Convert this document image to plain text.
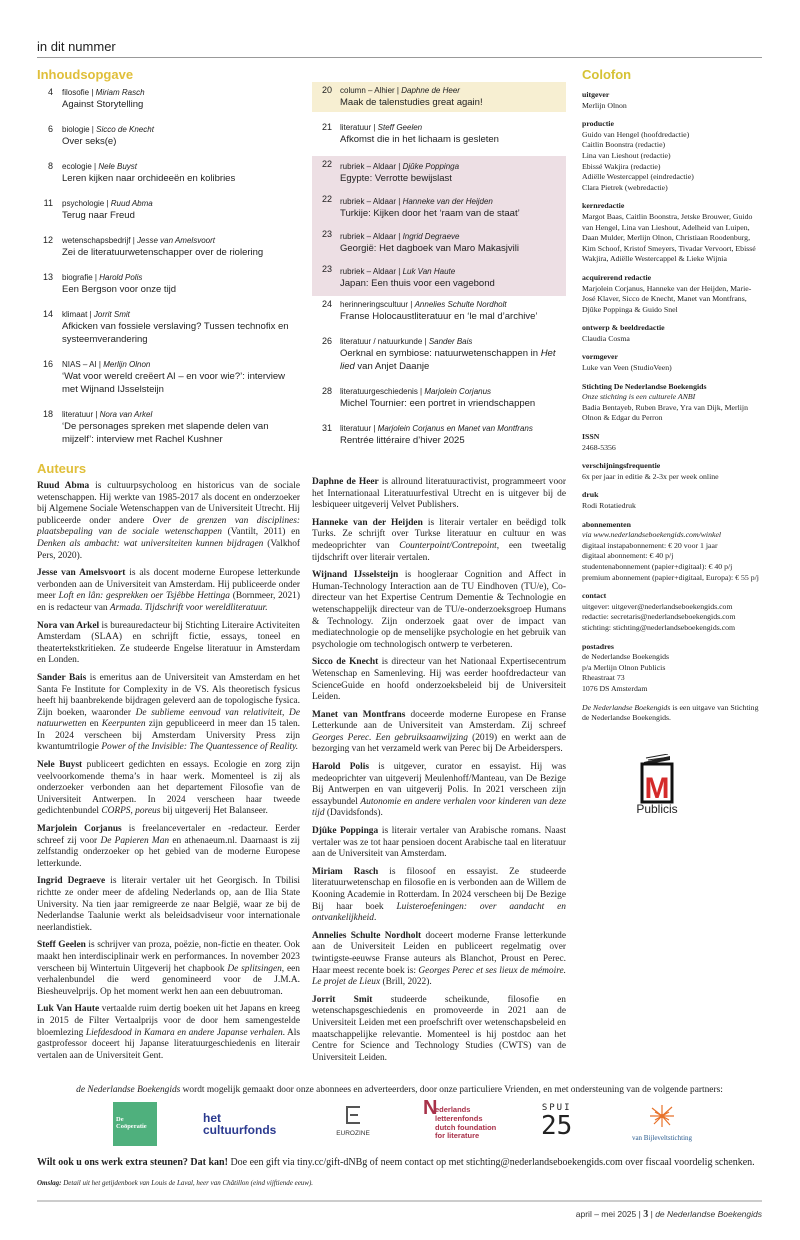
in dit nummer
Inhoudsopgave
4 filosofie | Miriam Rasch
Against Storytelling
6 biologie | Sicco de Knecht
Over seks(e)
8 ecologie | Nele Buyst
Leren kijken naar orchideeën en kolibries
11 psychologie | Ruud Abma
Terug naar Freud
12 wetenschapsbedrijf | Jesse van Amelsvoort
Zei de literatuurwetenschapper over de riolering
13 biografie | Harold Polis
Een Bergson voor onze tijd
14 klimaat | Jorrit Smit
Afkicken van fossiele verslaving? Tussen technofix en systeemverandering
16 NIAS – AI | Merlijn Olnon
‘Wat voor wereld creëert AI – en voor wie?’: interview met Wijnand IJsselsteijn
18 literatuur | Nora van Arkel
‘De personages spreken met slapende delen van mijzelf’: interview met Rachel Kushner
20 column – Alhier | Daphne de Heer
Maak de talenstudies great again!
21 literatuur | Steff Geelen
Afkomst die in het lichaam is gesleten
22 rubriek – Aldaar | Djûke Poppinga
Egypte: Verrotte bewijslast
22 rubriek – Aldaar | Hanneke van der Heijden
Turkije: Kijken door het ‘raam van de staat’
23 rubriek – Aldaar | Ingrid Degraeve
Georgië: Het dagboek van Maro Makasjvili
23 rubriek – Aldaar | Luk Van Haute
Japan: Een thuis voor een vagebond
24 herinneringscultuur | Annelies Schulte Nordholt
Franse Holocaustliteratuur en ‘le mal d’archive’
26 literatuur / natuurkunde | Sander Bais
Oerknal en symbiose: natuurwetenschappen in Het lied van Anjet Daanje
28 literatuurgeschiedenis | Marjolein Corjanus
Michel Tournier: een portret in vriendschappen
31 literatuur | Marjolein Corjanus en Manet van Montfrans
Rentrée littéraire d’hiver 2025
Auteurs

Ruud Abma is cultuurpsycholoog en historicus van de sociale wetenschappen. Hij werkte van 1985-2017 als docent en onderzoeker bij Algemene Sociale Wetenschappen van de Universiteit Utrecht. Hij publiceerde onder andere Over de grenzen van disciplines: plaatsbepaling van de sociale wetenschappen (Vantilt, 2011) en Denken als ambacht: wat universiteiten kunnen bijdragen (Valkhof Pers, 2020).

Jesse van Amelsvoort is als docent moderne Europese letterkunde verbonden aan de Universiteit van Amsterdam. Hij publiceerde onder meer Loft en lân: gesprekken oer Tsjêbbe Hettinga (Bornmeer, 2021) en is redacteur van Armada. Tijdschrift voor wereldliteratuur.

Nora van Arkel is bureauredacteur bij Stichting Literaire Activiteiten Amsterdam (SLAA) en schrijft fictie, essays, toneel en theatertekstkritieken. Ze studeerde Engelse literatuur in Amsterdam en Londen.

Sander Bais is emeritus aan de Universiteit van Amsterdam en het Santa Fe Institute for Complexity in de VS. Als theoretisch fysicus heeft hij baanbrekende bijdragen geleverd aan de topologische fysica. Zijn boeken, waaronder De sublieme eenvoud van relativiteit, De natuurwetten en Keerpunten zijn gepubliceerd in meer dan 15 talen. In 2024 verscheen bij Amsterdam University Press zijn kwantumtrilogie Power of the Invisible: The Quantessence of Reality.

Nele Buyst publiceert gedichten en essays. Ecologie en zorg zijn veelvoorkomende thema’s in haar werk. Momenteel is zij als onderzoeker verbonden aan het departement Filosofie van de Universiteit Antwerpen. In 2024 verscheen haar tweede gedichtenbundel CORPS, poreus bij uitgeverij Het Balanseer.

Marjolein Corjanus is freelancevertaler en -redacteur. Eerder schreef zij voor De Papieren Man en athenaeum.nl. Daarnaast is zij zelfstandig onderzoeker op het gebied van de moderne Europese letterkunde.

Ingrid Degraeve is literair vertaler uit het Georgisch. In Tbilisi richtte ze onder meer de afdeling Nederlands op, aan de Ilia State University. Na tien jaar remigreerde ze naar België, waar ze bij de Nederlandse Taalunie werkt als beleidsadviseur voor internationale neerlandistiek.

Steff Geelen is schrijver van proza, poëzie, non-fictie en theater. Ook maakt hen interdisciplinair werk en performances. In november 2023 verscheen bij Wintertuin Uitgeverij het chapbook De splitsingen, een verhalenbundel die werd genomineerd voor de J.M.A. Biesheuvelprijs. Op het moment werkt hen aan een debuutroman.

Luk Van Haute vertaalde ruim dertig boeken uit het Japans en kreeg in 2015 de Filter Vertaalprijs voor de door hem samengestelde bloemlezing Liefdesdood in Kamara en andere Japanse verhalen. Als gastprofessor doceert hij Japanse literatuurgeschiedenis en literair vertalen aan de Universiteit Gent.

Daphne de Heer is allround literatuuractivist, programmeert voor het Internationaal Literatuurfestival Utrecht en is uitgever bij de lesbiqueer uitgeverij Velvet Publishers.

Hanneke van der Heijden is literair vertaler en beëdigd tolk Turks. Ze schrijft over Turkse literatuur en cultuur en was medeoprichter van Counterpoint/Contrepoint, een tweetalig tijdschrift over literair vertalen.

Wijnand IJsselsteijn is hoogleraar Cognition and Affect in Human-Technology Interaction aan de TU Eindhoven (TU/e), Co-directeur van het Expertise Centrum Dementie & Technologie en wetenschappelijk directeur van de TU/e-onderzoeksgroep Humans & Technology. Zijn onderzoek gaat over de impact van mediatechnologie op de menselijke psychologie en het gebruik van psychologie om technologisch ontwerp te verbeteren.

Sicco de Knecht is directeur van het Nationaal Expertisecentrum Wetenschap en Samenleving. Hij was eerder hoofdredacteur van ScienceGuide en hoofd onderzoeksbeleid bij de Universiteit Leiden.

Manet van Montfrans doceerde moderne Europese en Franse Letterkunde aan de Universiteit van Amsterdam. Zij schreef Georges Perec. Een gebruiksaanwijzing (2019) en werkt aan de bezorging van het verzameld werk van Perec bij De Arbeiderspers.

Harold Polis is uitgever, curator en essayist. Hij was medeoprichter van uitgeverij Meulenhoff/Manteau, van De Bezige Bij Antwerpen en van uitgeverij Polis. In 2021 verscheen zijn essaybundel Autonomie en andere verhalen voor kinderen van deze tijd (Davidsfonds).

Djûke Poppinga is literair vertaler van Arabische romans. Naast vertaler was ze tot haar pensioen docent Arabische taal en literatuur aan de Universiteit van Amsterdam.

Miriam Rasch is filosoof en essayist. Ze studeerde literatuurwetenschap en filosofie en is verbonden aan de Willem de Kooning Academie in Rotterdam. In 2024 verscheen bij De Bezige Bij haar boek Luisteroefeningen: over aandacht en ontvankelijkheid.

Annelies Schulte Nordholt doceert moderne Franse letterkunde aan de Universiteit Leiden en publiceert regelmatig over twintigste-eeuwse Franse auteurs als Blanchot, Proust en Perec. Haar meest recente boek is: Georges Perec et ses lieux de mémoire. Le projet de Lieux (Brill, 2022).

Jorrit Smit studeerde scheikunde, filosofie en wetenschapsgeschiedenis en promoveerde in 2021 aan de Universiteit Leiden met een proefschrift over wetenschapsbeleid en maatschappelijke relevantie. Momenteel is hij postdoc aan het Centre for Science and Technology Studies (CWTS) van de Universiteit Leiden.

Colofon
uitgever
Merlijn Olnon
productie
Guido van Hengel (hoofdredactie)
Caitlin Boonstra (redactie)
Lina van Lieshout (redactie)
Ebissé Wakjira (redactie)
Adiëlle Westercappel (eindredactie)
Clara Pietrek (webredactie)
kernredactie
Margot Baas, Caitlin Boonstra, Jetske Brouwer, Guido van Hengel, Lina van Lieshout, Adelheid van Luipen, Daan Mulder, Merlijn Olnon, Christiaan Roodenburg, Kim Schoof, Kristof Smeyers, Tivadar Vervoort, Ebissé Wakjira, Adiëlle Westercappel & Lieke Wijnia
acquirerend redactie
Marjolein Corjanus, Hanneke van der Heijden, Marie-José Klaver, Sicco de Knecht, Manet van Montfrans, Djûke Poppinga & Guido Snel
ontwerp & beeldredactie
Claudia Cosma
vormgever
Luke van Veen (StudioVeen)
Stichting De Nederlandse Boekengids
Onze stichting is een culturele ANBI
Badia Bentayeb, Ruben Brave, Yra van Dijk, Merlijn Olnon & Edgar du Perron
ISSN
2468-5356
verschijningsfrequentie
6x per jaar in editie & 2-3x per week online
druk
Rodi Rotatiedruk
abonnementen
via www.nederlandseboekengids.com/winkel
digitaal instapabonnement: € 20 voor 1 jaar
digitaal abonnement: € 40 p/j
studentenabonnement (papier+digitaal): € 40 p/j
premium abonnement (papier+digitaal, Europa): € 55 p/j
contact
uitgever: uitgever@nederlandseboekengids.com
redactie: secretaris@nederlandseboekengids.com
stichting: stichting@nederlandseboekengids.com
postadres
de Nederlandse Boekengids
p/a Merlijn Olnon Publicis
Rheastraat 73
1076 DS Amsterdam
De Nederlandse Boekengids is een uitgave van Stichting de Nederlandse Boekengids.
M
Publicis
de Nederlandse Boekengids wordt mogelijk gemaakt door onze abonnees en adverteerders, door onze particuliere Vrienden, en met ondersteuning van de volgende partners:
De Coöperatie
het
cultuurfonds	EUROZINE
N
ederlands
letterenfonds
dutch foundation
for literature
SPUI
25	van Bijleveltstichting
Wilt ook u ons werk extra steunen? Dat kan! Doe een gift via tiny.cc/gift-dNBg of neem contact op met stichting@nederlandseboekengids.com over fiscaal voordelig schenken.
Omslag: Detail uit het getijdenboek van Louis de Laval, heer van Châtillon (eind vijftiende eeuw).
april – mei 2025 | 3 | de Nederlandse Boekengids
